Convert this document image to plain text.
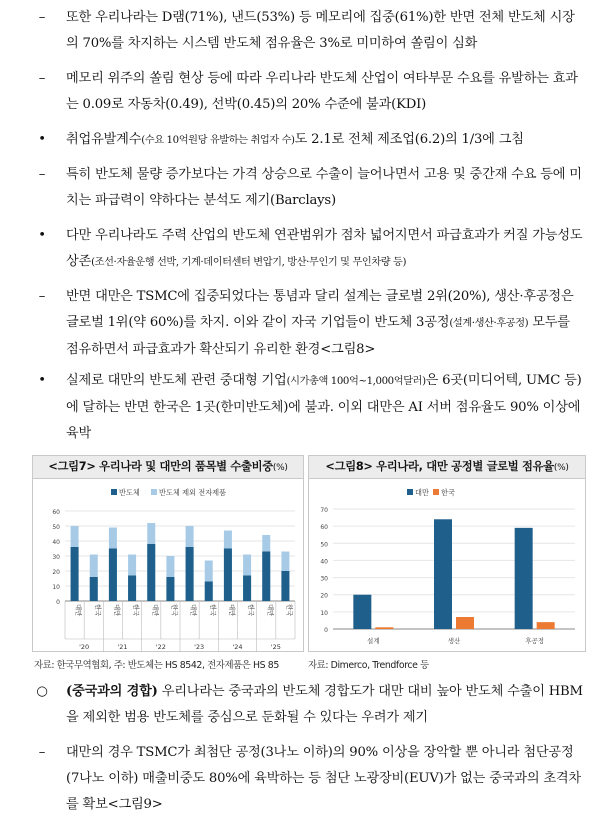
–	또한 우리나라는 D램(71%), 낸드(53%) 등 메모리에 집중(61%)한 반면 전체 반도체 시장의 70%를 차지하는 시스템 반도체 점유율은 3%로 미미하여 쏠림이 심화
–	메모리 위주의 쏠림 현상 등에 따라 우리나라 반도체 산업이 여타부문 수요를 유발하는 효과는 0.09로 자동차(0.49), 선박(0.45)의 20% 수준에 불과(KDI)
•	취업유발계수(수요 10억원당 유발하는 취업자 수)도 2.1로 전체 제조업(6.2)의 1/3에 그침
–	특히 반도체 물량 증가보다는 가격 상승으로 수출이 늘어나면서 고용 및 중간재 수요 등에 미치는 파급력이 약하다는 분석도 제기(Barclays)
•	다만 우리나라도 주력 산업의 반도체 연관범위가 점차 넓어지면서 파급효과가 커질 가능성도 상존(조선·자율운행 선박, 기계·데이터센터 변압기, 방산·무인기 및 무인차량 등)
–	반면 대만은 TSMC에 집중되었다는 통념과 달리 설계는 글로벌 2위(20%), 생산·후공정은 글로벌 1위(약 60%)를 차지. 이와 같이 자국 기업들이 반도체 3공정(설계·생산·후공정) 모두를 점유하면서 파급효과가 확산되기 유리한 환경<그림8>
•	실제로 대만의 반도체 관련 중대형 기업(시가총액 100억~1,000억달러)은 6곳(미디어텍, UMC 등)에 달하는 반면 한국은 1곳(한미반도체)에 불과. 이외 대만은 AI 서버 점유율도 90% 이상에 육박
<그림7> 우리나라 및 대만의 품목별 수출비중(%)
0
10
20
30
40
50
60
반도체	반도체 제외 전자제품
대만	한국	대만	한국	대만	한국	대만	한국	대만	한국	대만	한국
'20	'21	'22	'23	'24	'25
<그림8> 우리나라, 대만 공정별 글로벌 점유율(%)
0
10
20
30
40
50
60
70
대만 한국
설계	생산	후공정
자료: 한국무역협회, 주: 반도체는 HS 8542, 전자제품은 HS 85	자료: Dimerco, Trendforce 등
○	(중국과의 경합) 우리나라는 중국과의 반도체 경합도가 대만 대비 높아 반도체 수출이 HBM을 제외한 범용 반도체를 중심으로 둔화될 수 있다는 우려가 제기
–	대만의 경우 TSMC가 최첨단 공정(3나노 이하)의 90% 이상을 장악할 뿐 아니라 첨단공정(7나노 이하) 매출비중도 80%에 육박하는 등 첨단 노광장비(EUV)가 없는 중국과의 초격차를 확보<그림9>
